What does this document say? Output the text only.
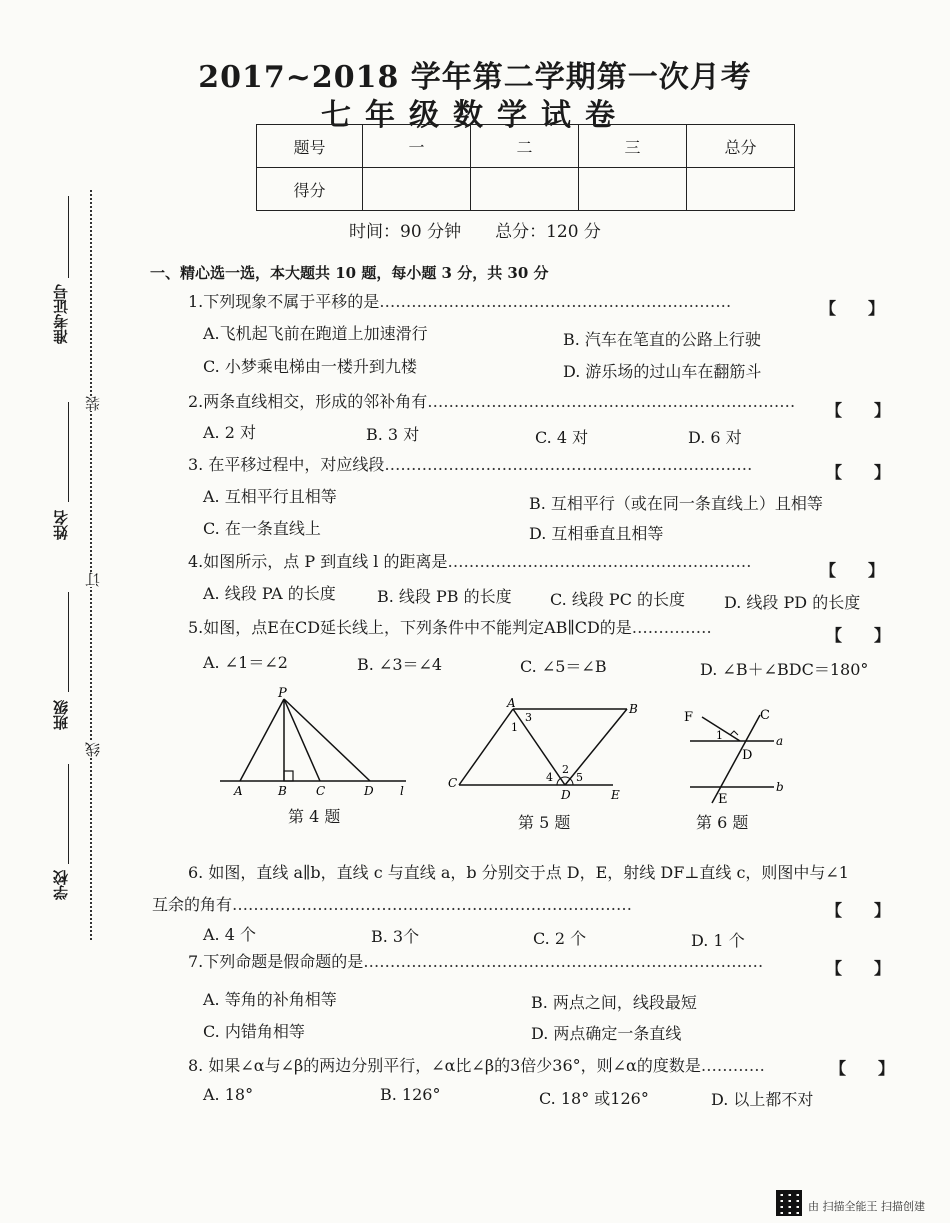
2017~2018 学年第二学期第一次月考
七年级数学试卷
题号	一	二	三	总分
得分				
时间：90 分钟　　总分：120 分
准考证号
姓名
班级
学校
装
订
线
一、精心选一选，本大题共 10 题，每小题 3 分，共 30 分
1.下列现象不属于平移的是…………………………………………………………	【　　】
A.飞机起飞前在跑道上加速滑行	B. 汽车在笔直的公路上行驶
C. 小梦乘电梯由一楼升到九楼	D. 游乐场的过山车在翻筋斗
2.两条直线相交，形成的邻补角有…………………………………………………………… 【　　】
A. 2 对	B. 3 对	C. 4 对	D. 6 对
3. 在平移过程中，对应线段……………………………………………………………	【　　】
A. 互相平行且相等	B. 互相平行（或在同一条直线上）且相等
C. 在一条直线上	D. 互相垂直且相等
4.如图所示，点 P 到直线 l 的距离是…………………………………………………	【　　】
A. 线段 PA 的长度	B. 线段 PB 的长度 C. 线段 PC 的长度 D. 线段 PD 的长度
5.如图，点E在CD延长线上，下列条件中不能判定AB∥CD的是……………	【　　】
A. ∠1＝∠2	B. ∠3＝∠4	C. ∠5＝∠B	D. ∠B＋∠BDC＝180°
P
A	B C	D l
第 4 题
A	B
C
D	E
1
2
3
4 5
第 5 题
F	C
a
D
b
E
1
第 6 题
6. 如图，直线 a∥b，直线 c 与直线 a，b 分别交于点 D，E，射线 DF⊥直线 c，则图中与∠1
互余的角有…………………………………………………………………	【　　】
A. 4 个	B. 3个	C. 2 个	D. 1 个
7.下列命题是假命题的是…………………………………………………………………	【　　】
A. 等角的补角相等	B. 两点之间，线段最短
C. 内错角相等	D. 两点确定一条直线
8. 如果∠α与∠β的两边分别平行，∠α比∠β的3倍少36°，则∠α的度数是…………	【　　】
A. 18°	B. 126°	C. 18° 或126°	D. 以上都不对
由 扫描全能王 扫描创建
